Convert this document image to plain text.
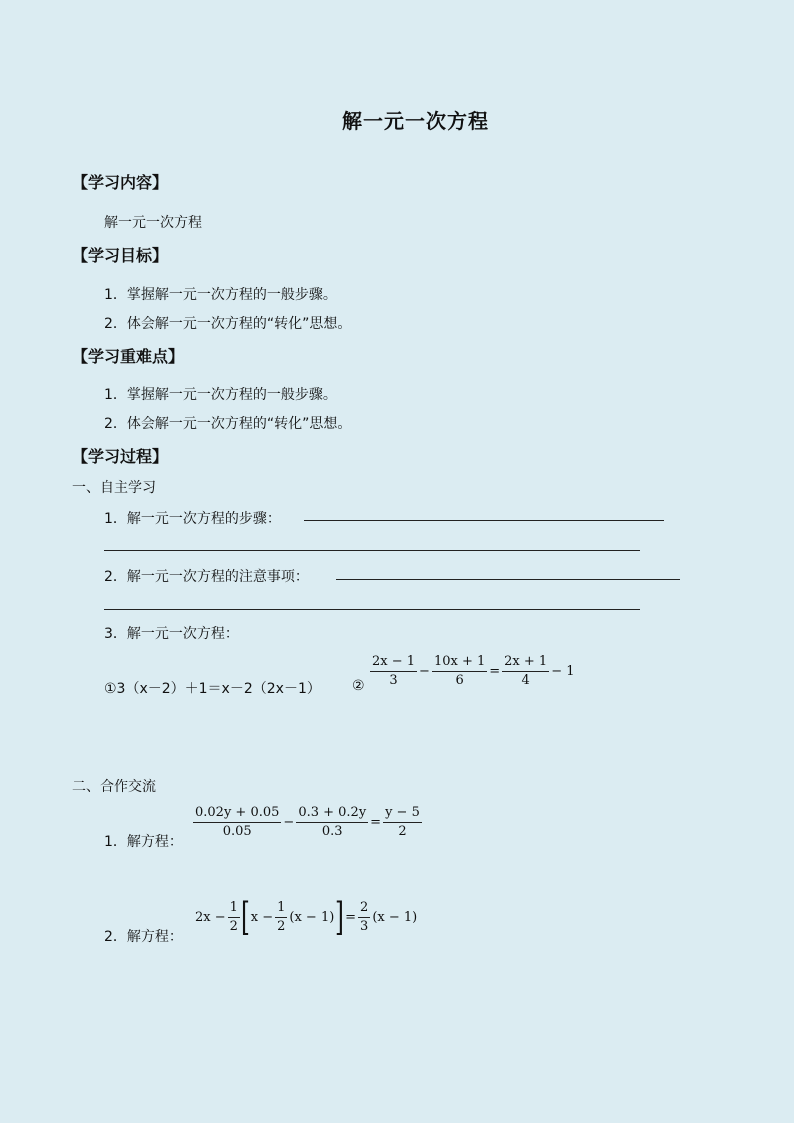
解一元一次方程
【学习内容】
解一元一次方程
【学习目标】
1．掌握解一元一次方程的一般步骤。
2．体会解一元一次方程的“转化”思想。
【学习重难点】
1．掌握解一元一次方程的一般步骤。
2．体会解一元一次方程的“转化”思想。
【学习过程】
一、自主学习
1．解一元一次方程的步骤：
2．解一元一次方程的注意事项：
3．解一元一次方程：
①3（x－2）＋1＝x－2（2x－1） ② $\frac{2x - 1}{3} - \frac{10x + 1}{6} = \frac{2x + 1}{4} - 1$
二、合作交流
1．解方程：
$\frac{0.02y + 0.05}{0.05} - \frac{0.3 + 0.2y}{0.3} = \frac{y - 5}{2}$
2．解方程：
$2x - \frac{1}{2} [x - \frac{1}{2} (x - 1)]= \frac{2}{3} (x - 1)$
